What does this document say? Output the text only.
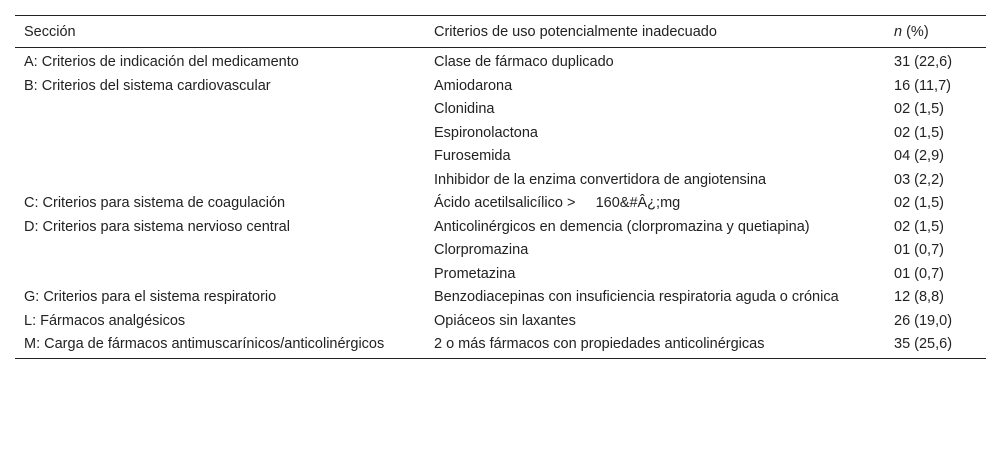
Sección	Criterios de uso potencialmente inadecuado	n (%)
A: Criterios de indicación del medicamento	Clase de fármaco duplicado	31 (22,6)
B: Criterios del sistema cardiovascular	Amiodarona	16 (11,7)
	Clonidina	02 (1,5)
	Espironolactona	02 (1,5)
	Furosemida	04 (2,9)
	Inhibidor de la enzima convertidora de angiotensina	03 (2,2)
C: Criterios para sistema de coagulación	Ácido acetilsalicílico >     160&#Â¿;mg	02 (1,5)
D: Criterios para sistema nervioso central	Anticolinérgicos en demencia (clorpromazina y quetiapina)	02 (1,5)
	Clorpromazina	01 (0,7)
	Prometazina	01 (0,7)
G: Criterios para el sistema respiratorio	Benzodiacepinas con insuficiencia respiratoria aguda o crónica	12 (8,8)
L: Fármacos analgésicos	Opiáceos sin laxantes	26 (19,0)
M: Carga de fármacos antimuscarínicos/anticolinérgicos	2 o más fármacos con propiedades anticolinérgicas	35 (25,6)
